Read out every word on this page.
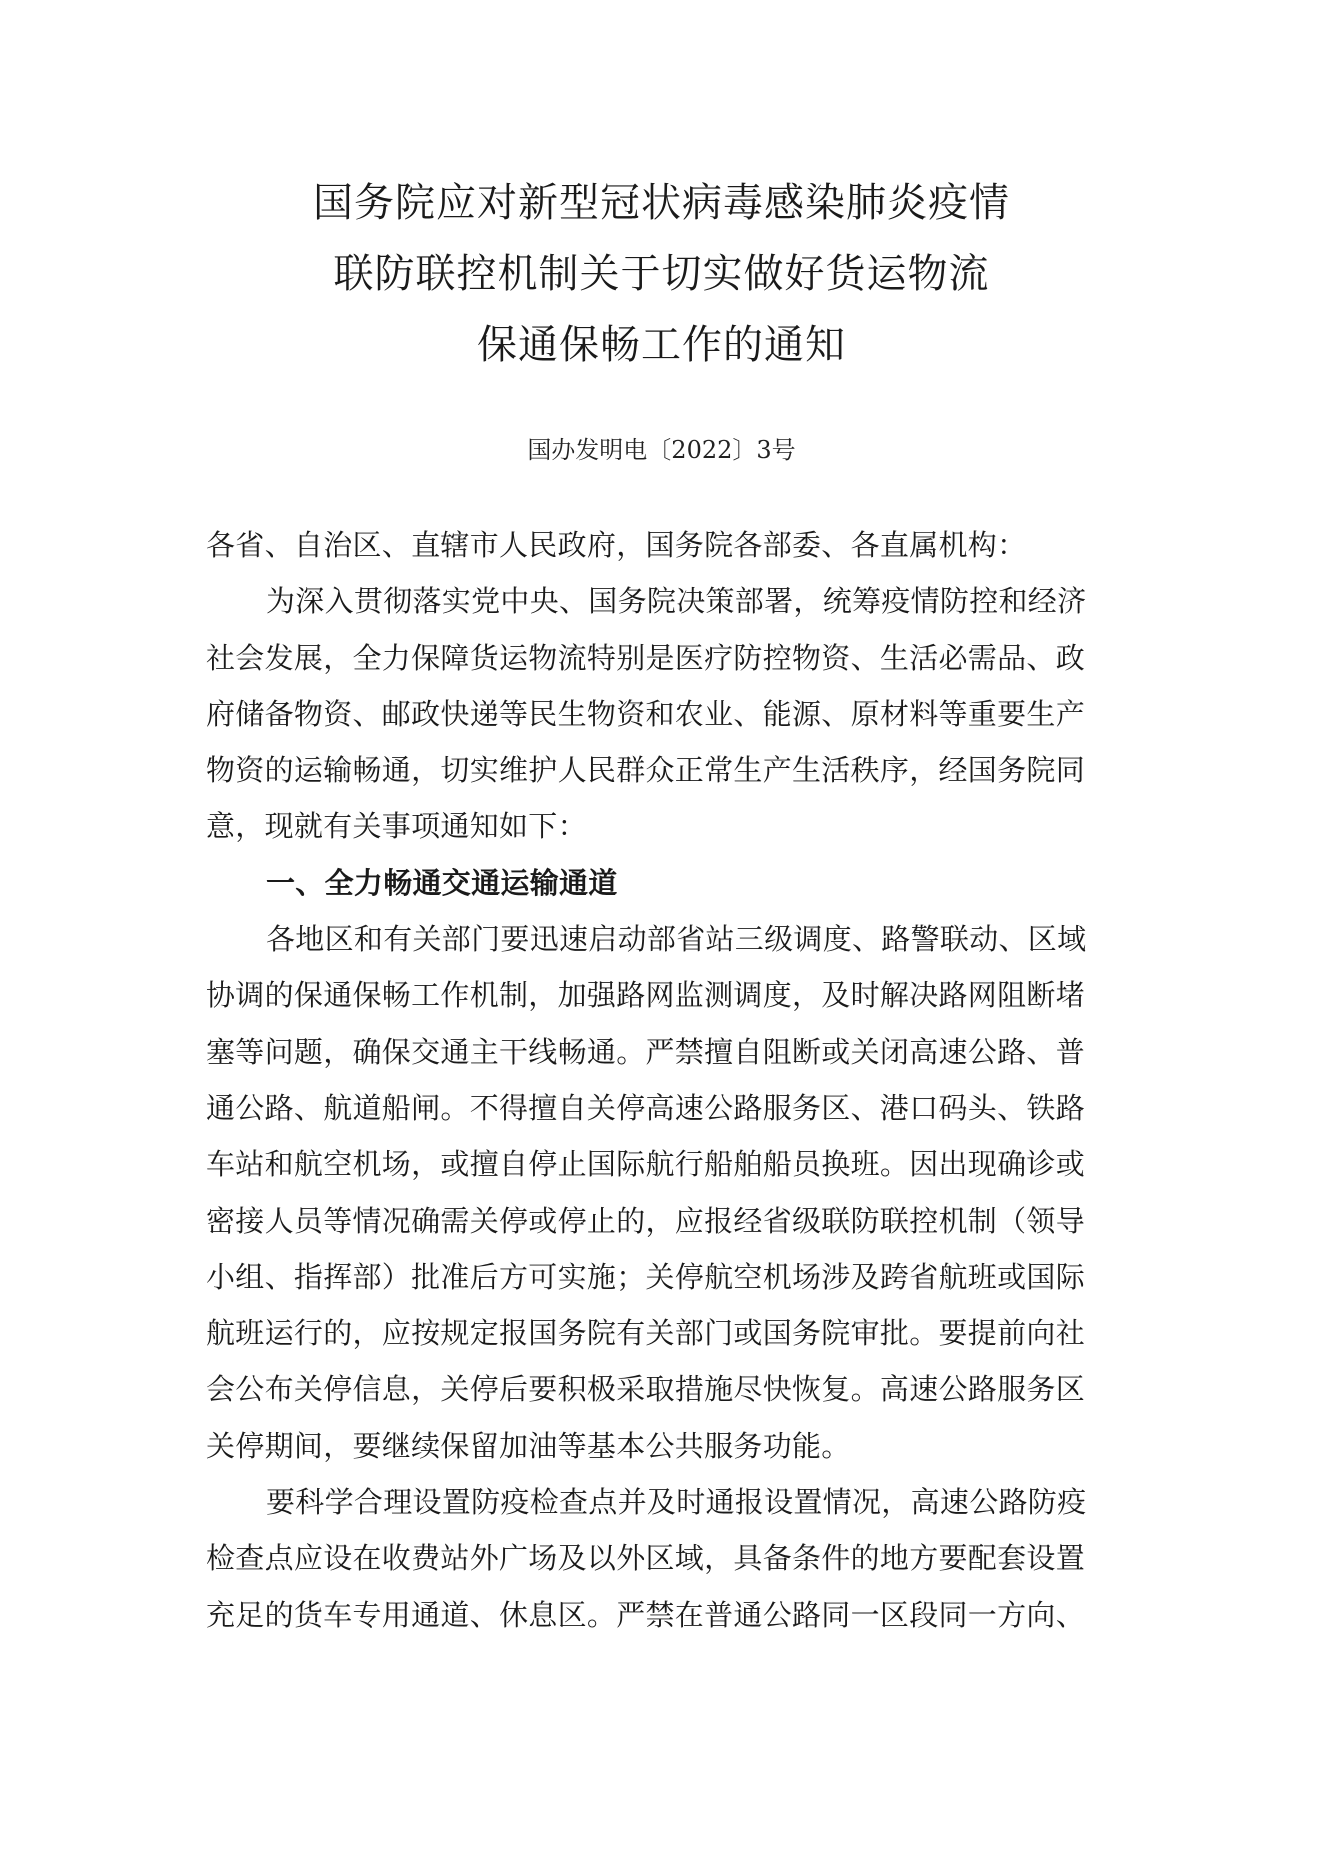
国务院应对新型冠状病毒感染肺炎疫情
联防联控机制关于切实做好货运物流
保通保畅工作的通知
国办发明电〔2022〕3号
各省、自治区、直辖市人民政府，国务院各部委、各直属机构：
为深入贯彻落实党中央、国务院决策部署，统筹疫情防控和经济
社会发展，全力保障货运物流特别是医疗防控物资、生活必需品、政
府储备物资、邮政快递等民生物资和农业、能源、原材料等重要生产
物资的运输畅通，切实维护人民群众正常生产生活秩序，经国务院同
意，现就有关事项通知如下：
一、全力畅通交通运输通道
各地区和有关部门要迅速启动部省站三级调度、路警联动、区域
协调的保通保畅工作机制，加强路网监测调度，及时解决路网阻断堵
塞等问题，确保交通主干线畅通。严禁擅自阻断或关闭高速公路、普
通公路、航道船闸。不得擅自关停高速公路服务区、港口码头、铁路
车站和航空机场，或擅自停止国际航行船舶船员换班。因出现确诊或
密接人员等情况确需关停或停止的，应报经省级联防联控机制（领导
小组、指挥部）批准后方可实施；关停航空机场涉及跨省航班或国际
航班运行的，应按规定报国务院有关部门或国务院审批。要提前向社
会公布关停信息，关停后要积极采取措施尽快恢复。高速公路服务区
关停期间，要继续保留加油等基本公共服务功能。
要科学合理设置防疫检查点并及时通报设置情况，高速公路防疫
检查点应设在收费站外广场及以外区域，具备条件的地方要配套设置
充足的货车专用通道、休息区。严禁在普通公路同一区段同一方向、
